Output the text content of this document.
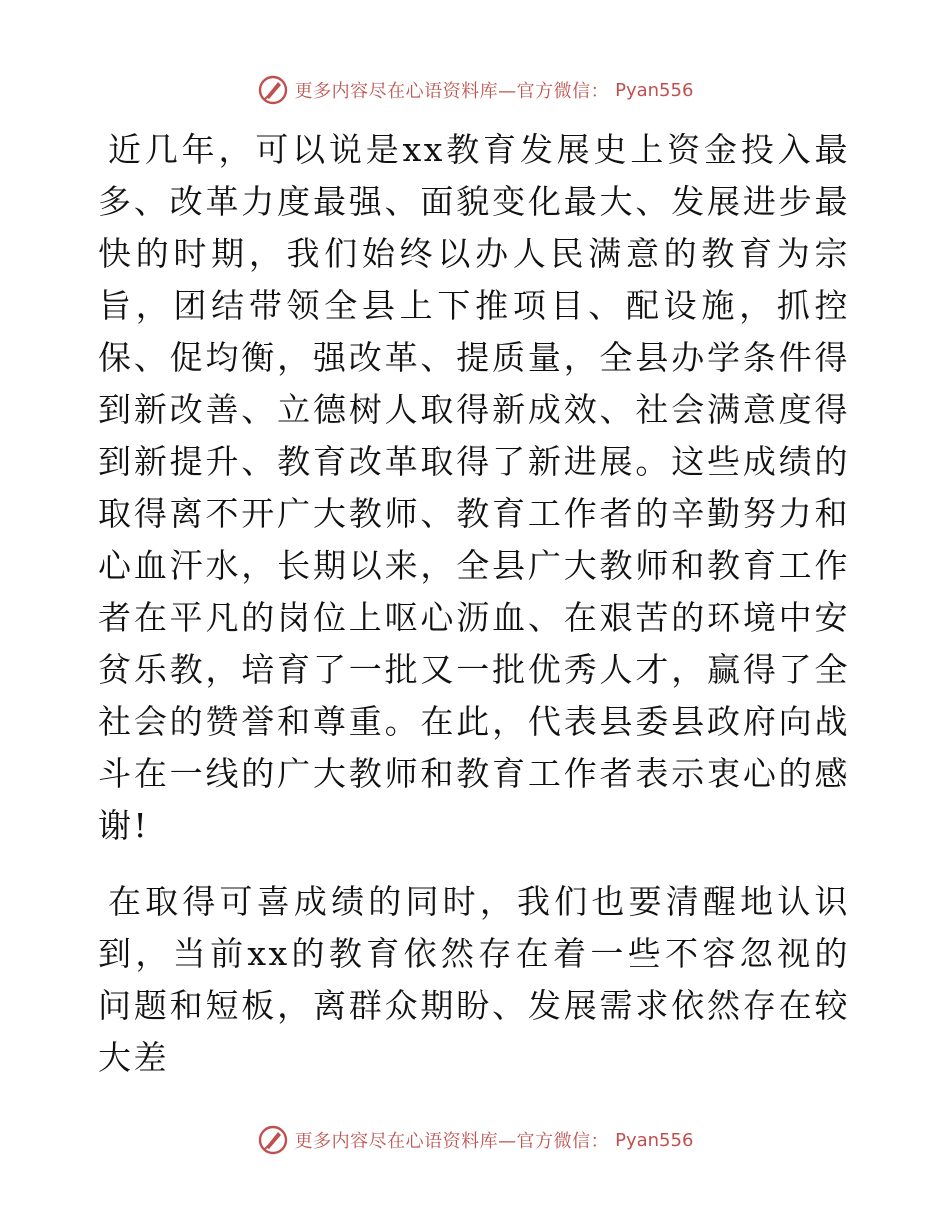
更多内容尽在心语资料库—官方微信： Pyan556

近几年，可以说是xx教育发展史上资金投入最多、改革力度最强、面貌变化最大、发展进步最快的时期，我们始终以办人民满意的教育为宗旨，团结带领全县上下推项目、配设施，抓控保、促均衡，强改革、提质量，全县办学条件得到新改善、立德树人取得新成效、社会满意度得到新提升、教育改革取得了新进展。这些成绩的取得离不开广大教师、教育工作者的辛勤努力和心血汗水，长期以来，全县广大教师和教育工作者在平凡的岗位上呕心沥血、在艰苦的环境中安贫乐教，培育了一批又一批优秀人才，赢得了全社会的赞誉和尊重。在此，代表县委县政府向战斗在一线的广大教师和教育工作者表示衷心的感谢!

在取得可喜成绩的同时，我们也要清醒地认识到，当前xx的教育依然存在着一些不容忽视的问题和短板，离群众期盼、发展需求依然存在较大差

更多内容尽在心语资料库—官方微信： Pyan556
